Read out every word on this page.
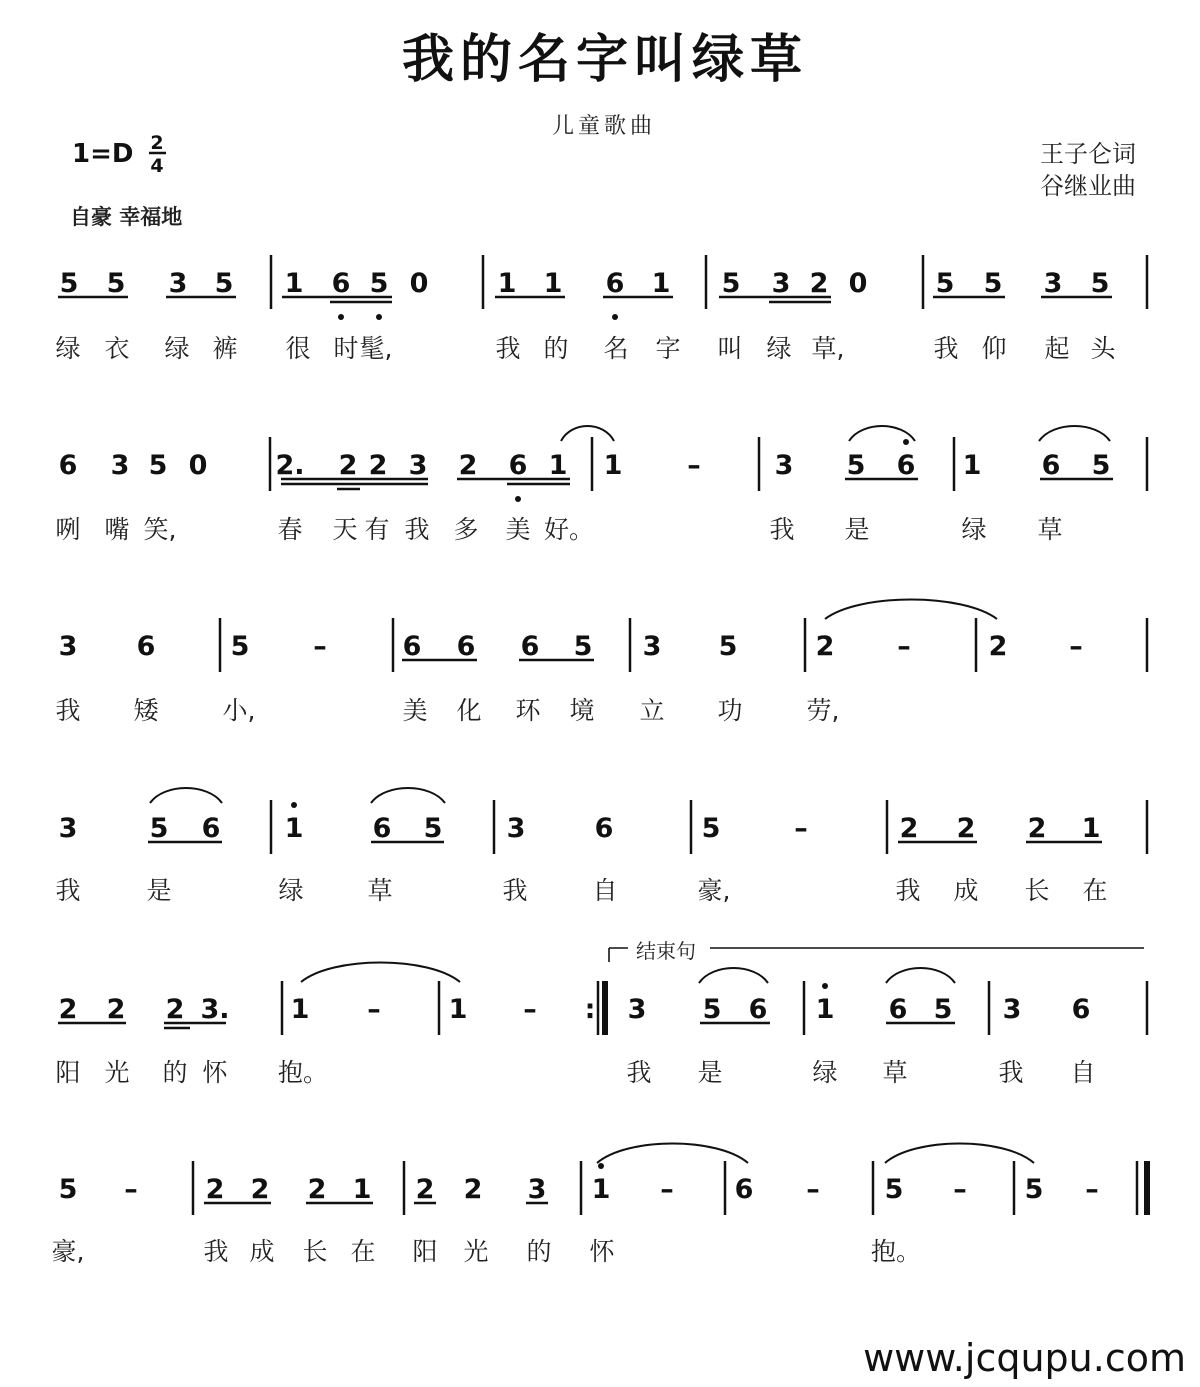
我的名字叫绿草
儿童歌曲
1=D 2
4	王子仑词
谷继业曲
自豪 幸福地
5 5 3 5 1 6 5 0	1 1 6 1 5 3 2 0	5 5 3 5
绿 衣 绿 裤 很 时 髦,	我 的 名 字 叫 绿 草,	我 仰 起 头
6 3 5 0	2. 2 2 3 2 6 1 1 –	3 5 6 1 6 5
咧 嘴 笑,	春 天 有 我 多 美 好。	我 是	绿 草
3 6	5 –	6 6 6 5 3 5	2 –	2 –
我 矮	小,	美 化 环 境 立 功	劳,
3	5 6 1	6 5 3	6	5	–	2 2 2 1
我	是	绿	草	我	自	豪,	我 成 长 在
2 2 2 3. 1 –	1 – : 3 5 6 1 6 5 3 6
阳 光 的 怀 抱。	我 是	绿 草	我 自
5 –	2 2 2 1 2 2 3 1 – 6 – 5 – 5 –
豪,	我 成 长 在 阳 光 的 怀	抱。
结束句
www.jcqupu.com
